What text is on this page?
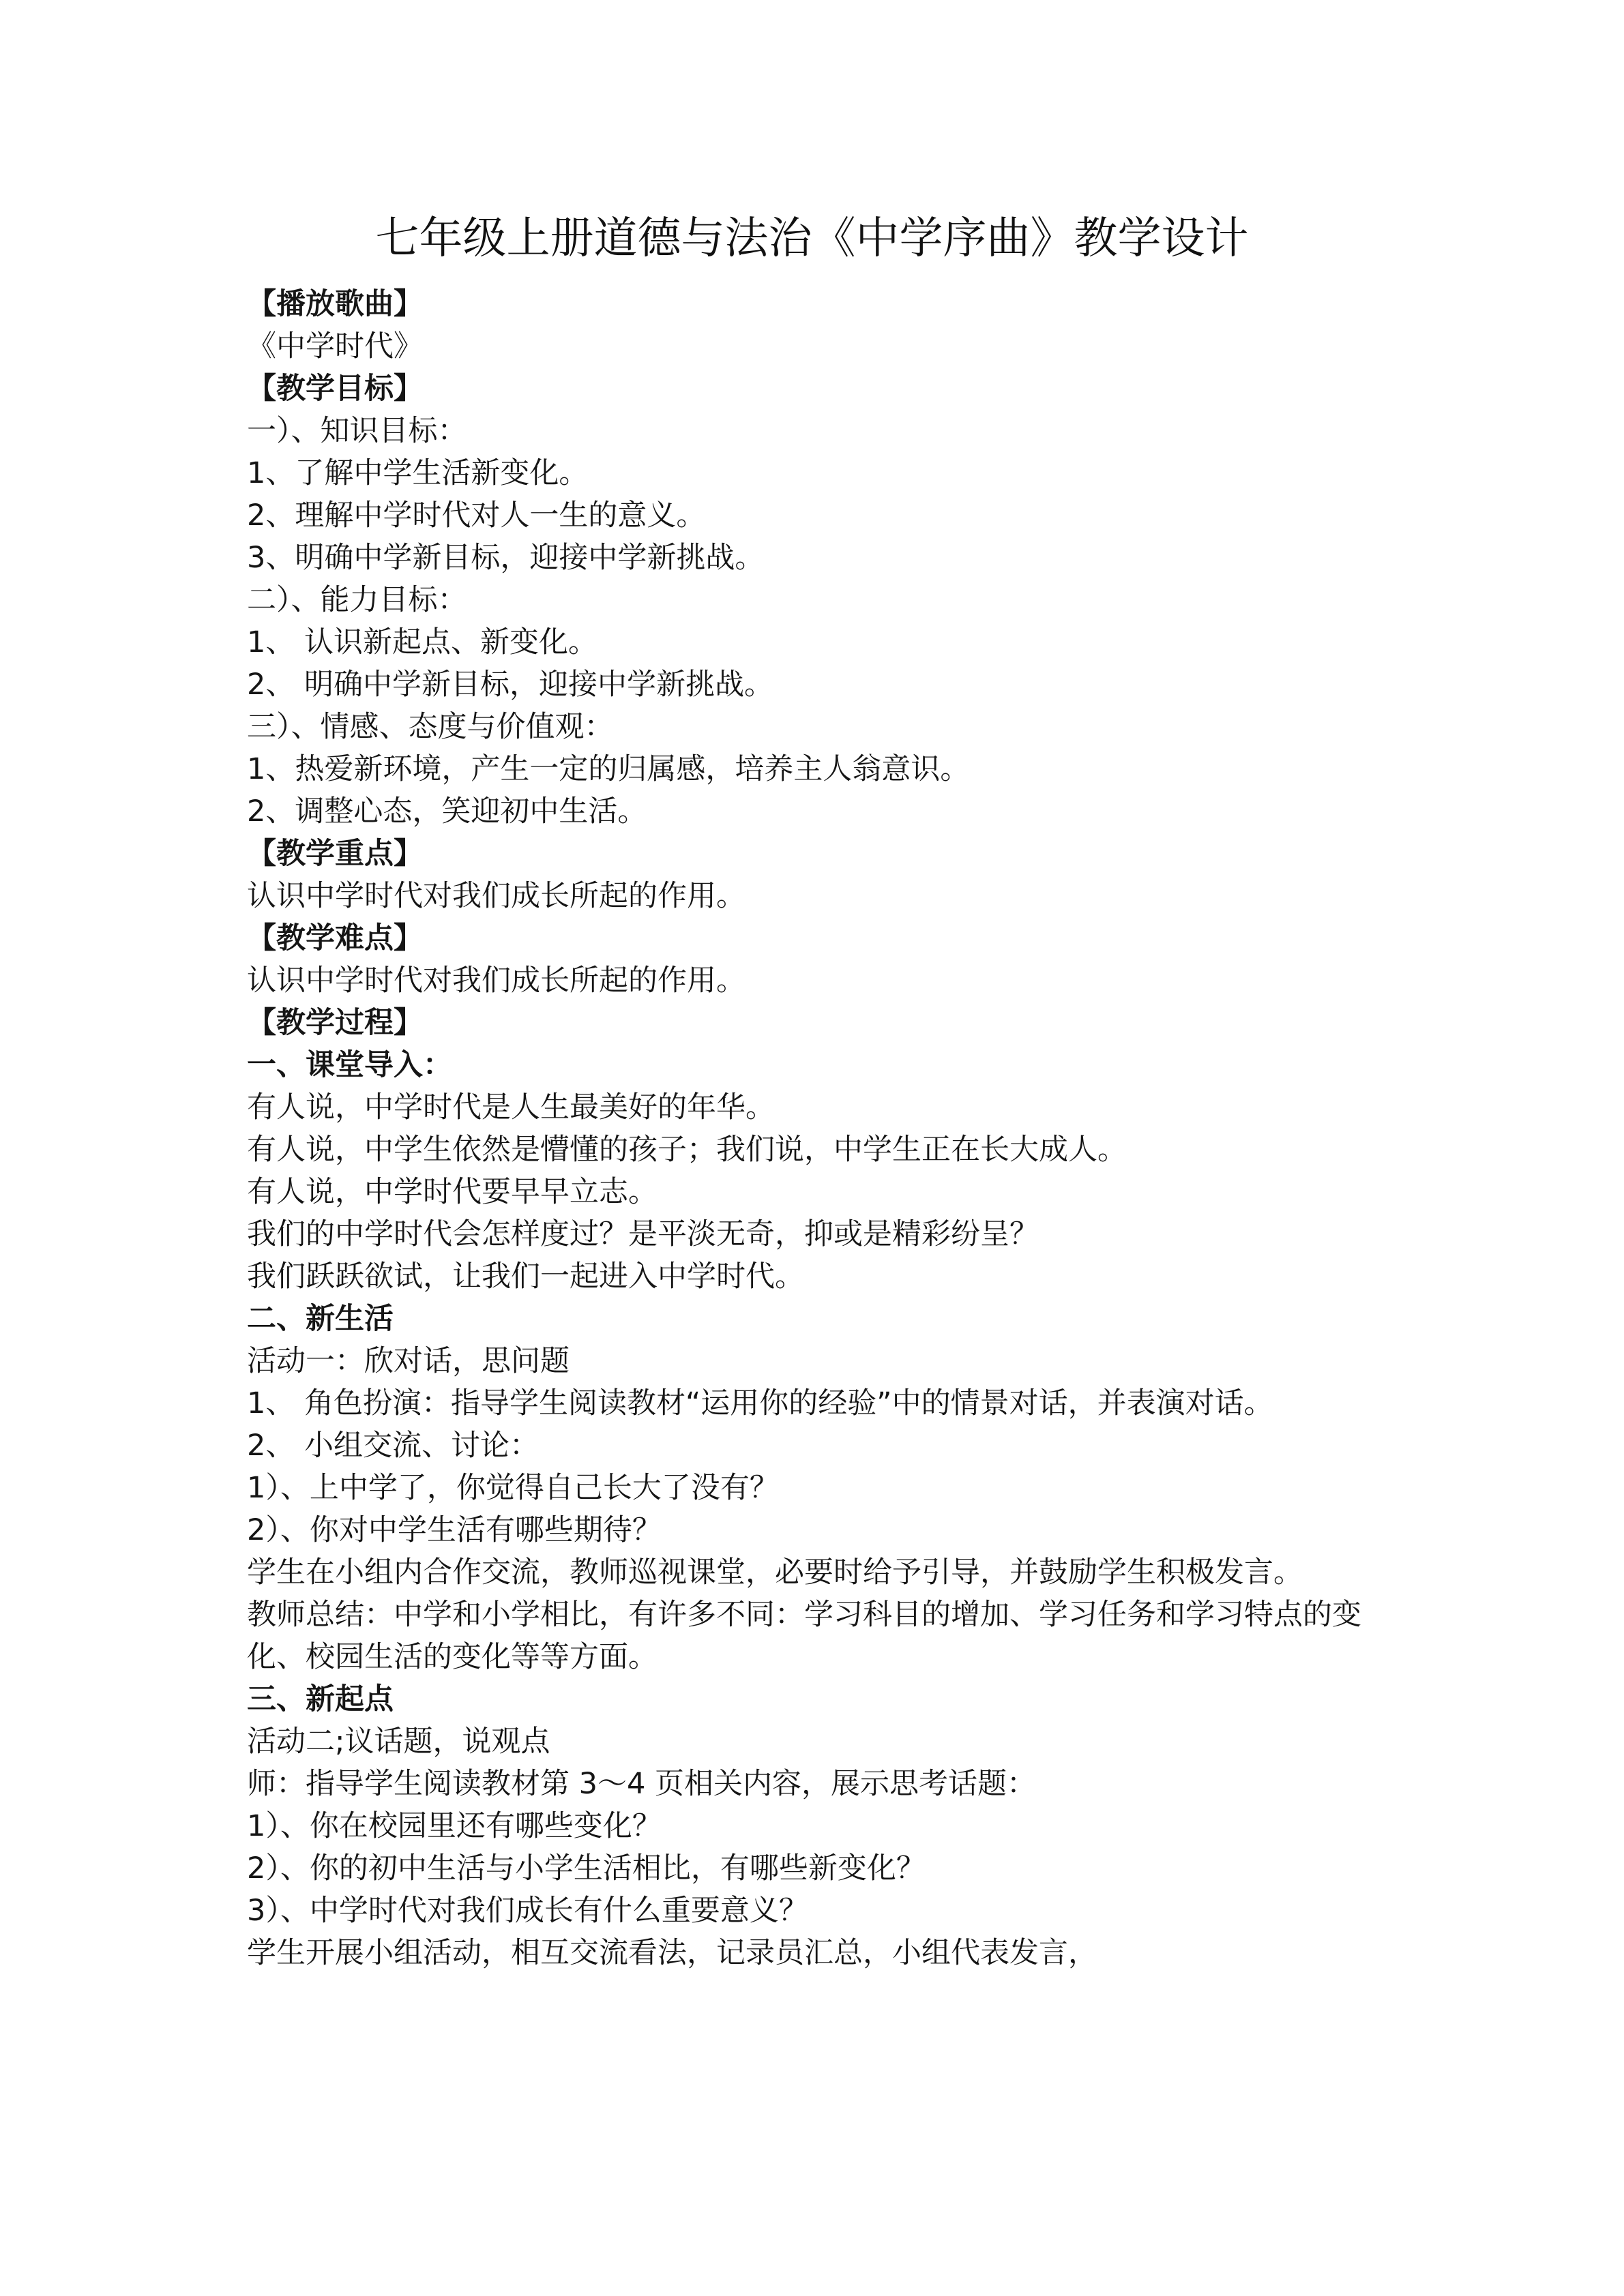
七年级上册道德与法治《中学序曲》教学设计
【播放歌曲】
《中学时代》
【教学目标】
一）、知识目标：
1、了解中学生活新变化。
2、理解中学时代对人一生的意义。
3、明确中学新目标，迎接中学新挑战。
二）、能力目标：
1、 认识新起点、新变化。
2、 明确中学新目标，迎接中学新挑战。
三）、情感、态度与价值观：
1、热爱新环境，产生一定的归属感，培养主人翁意识。
2、调整心态，笑迎初中生活。
【教学重点】
认识中学时代对我们成长所起的作用。
【教学难点】
认识中学时代对我们成长所起的作用。
【教学过程】
一、课堂导入：
有人说，中学时代是人生最美好的年华。
有人说，中学生依然是懵懂的孩子；我们说，中学生正在长大成人。
有人说，中学时代要早早立志。
我们的中学时代会怎样度过？是平淡无奇，抑或是精彩纷呈？
我们跃跃欲试，让我们一起进入中学时代。
二、新生活
活动一：欣对话，思问题
1、 角色扮演：指导学生阅读教材“运用你的经验”中的情景对话，并表演对话。
2、 小组交流、讨论：
1）、上中学了，你觉得自己长大了没有？
2）、你对中学生活有哪些期待？
学生在小组内合作交流，教师巡视课堂，必要时给予引导，并鼓励学生积极发言。
教师总结：中学和小学相比，有许多不同：学习科目的增加、学习任务和学习特点的变化、校园生活的变化等等方面。
三、新起点
活动二;议话题，说观点
师：指导学生阅读教材第 3～4 页相关内容，展示思考话题：
1）、你在校园里还有哪些变化？
2）、你的初中生活与小学生活相比，有哪些新变化？
3）、中学时代对我们成长有什么重要意义？
学生开展小组活动，相互交流看法，记录员汇总，小组代表发言，
